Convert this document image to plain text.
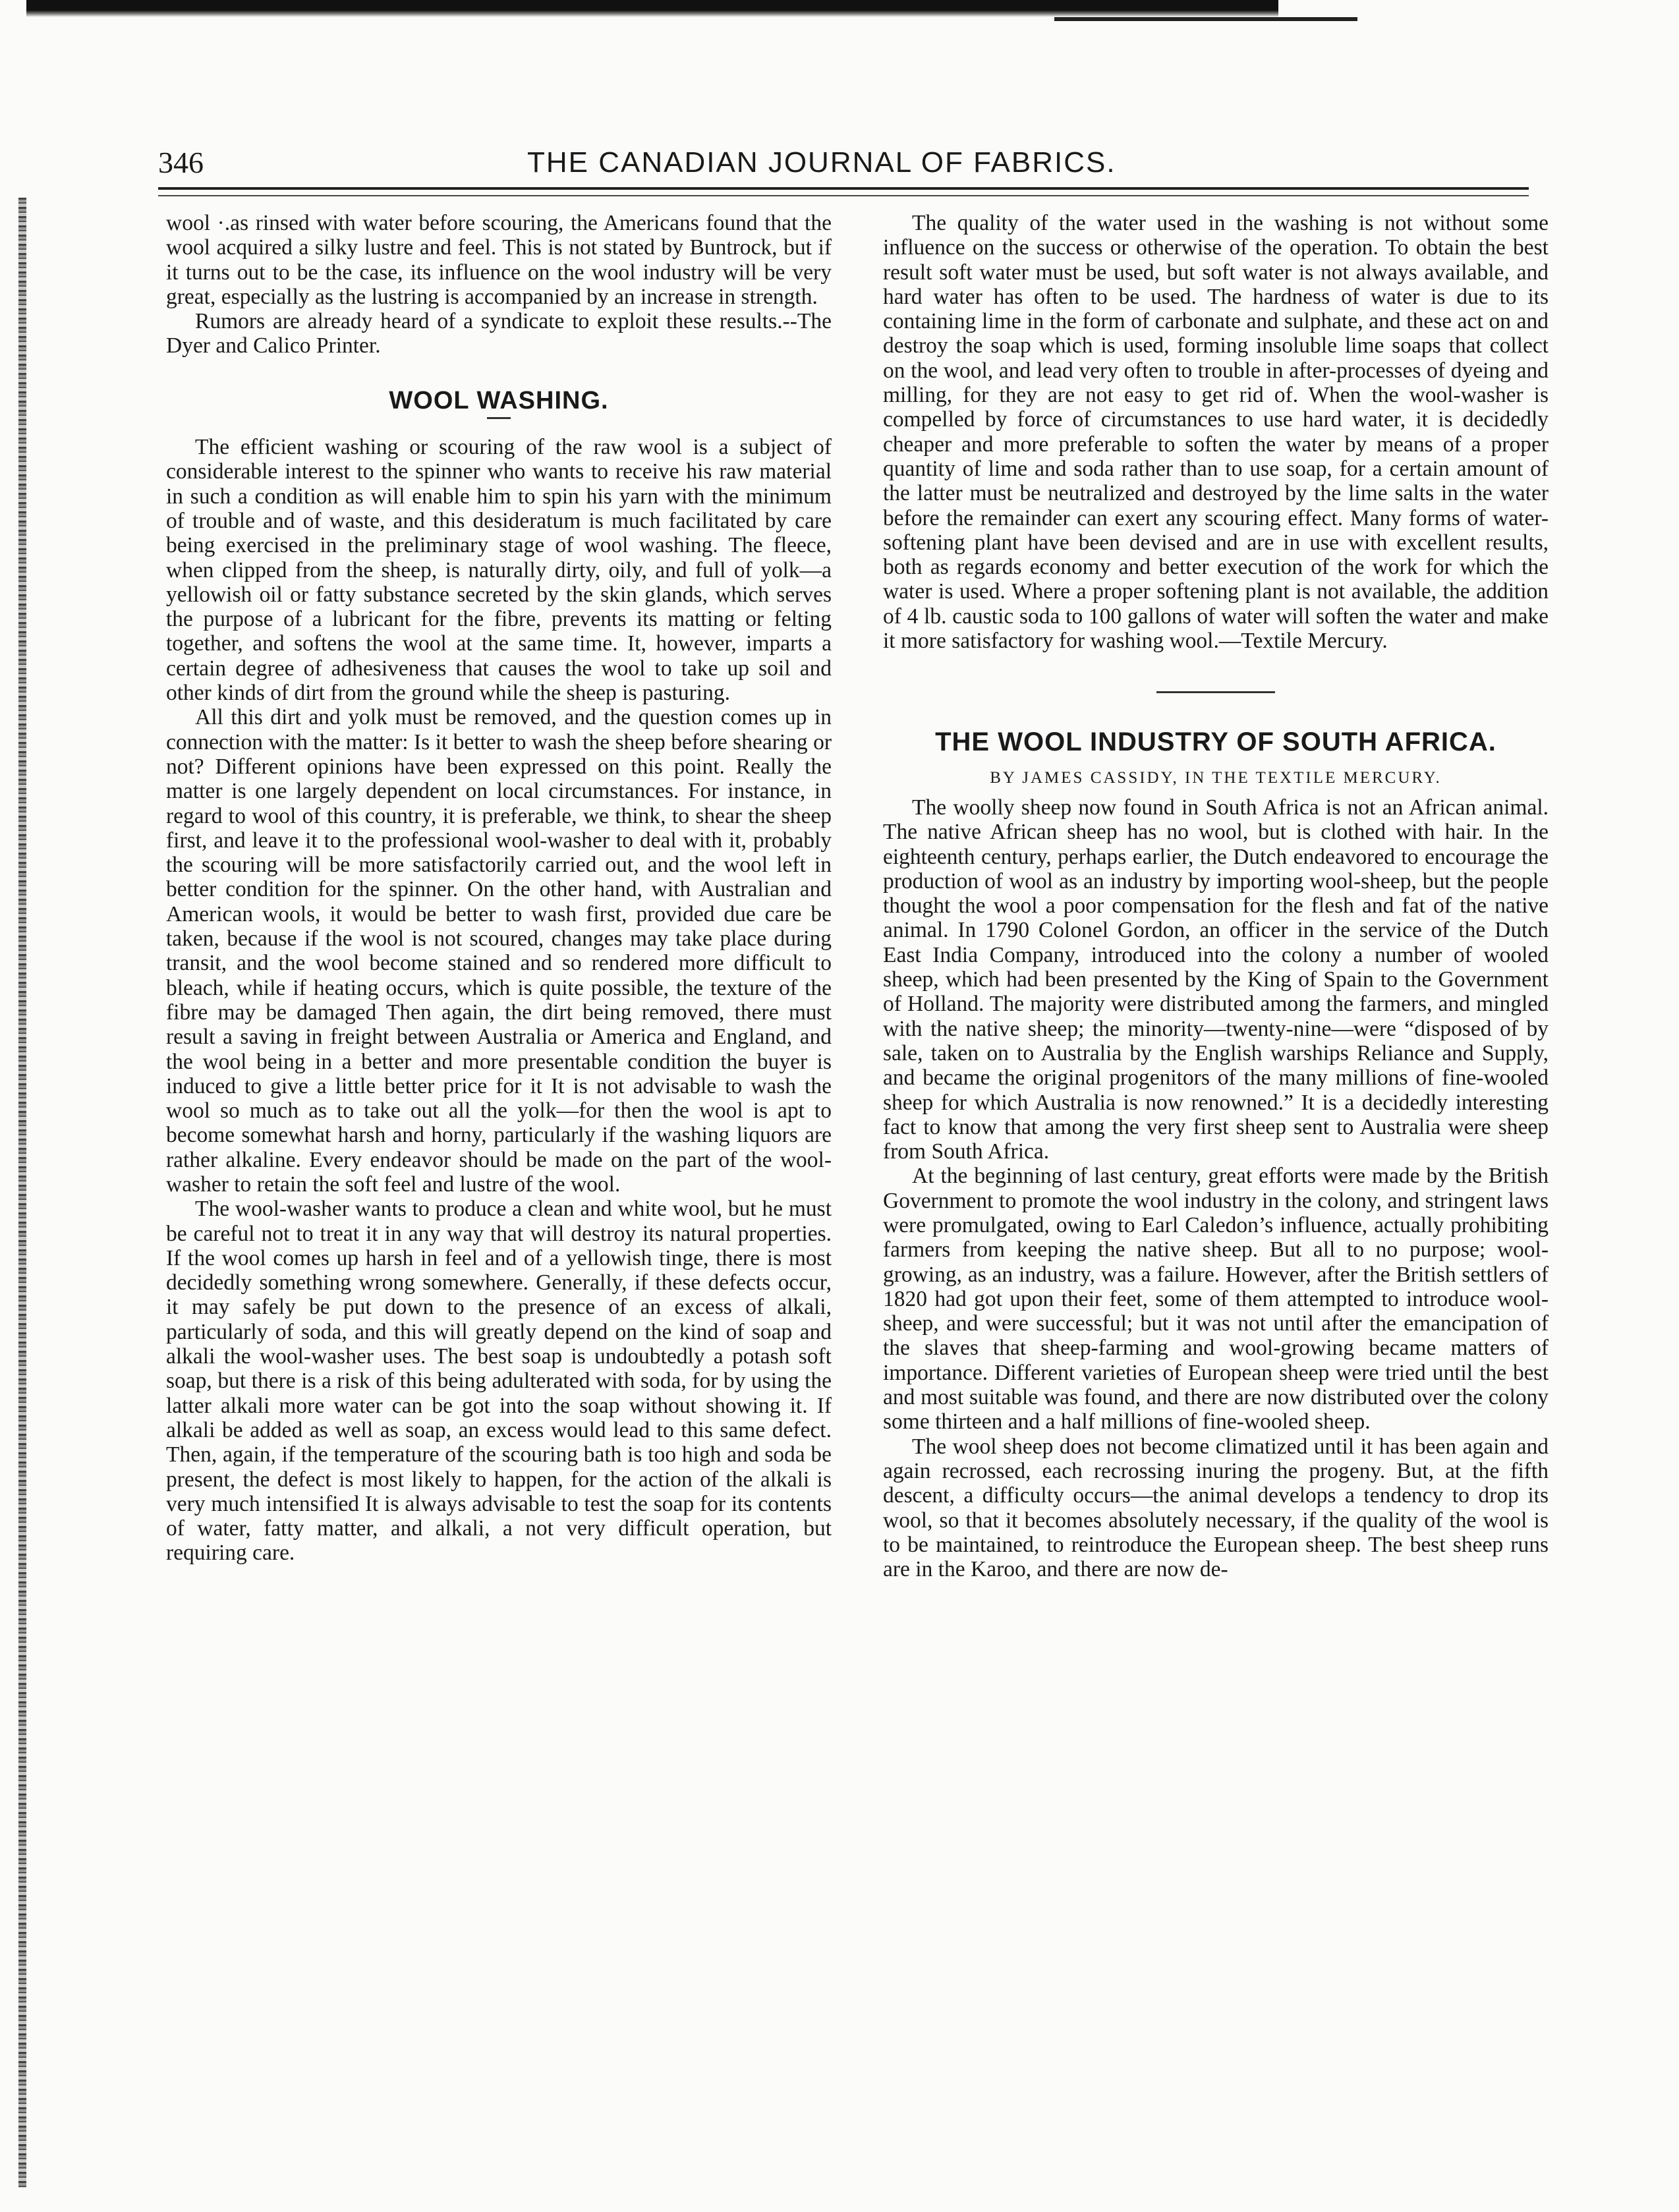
346	THE CANADIAN JOURNAL OF FABRICS.

wool ·.as rinsed with water before scouring, the Americans found that the wool acquired a silky lustre and feel. This is not stated by Buntrock, but if it turns out to be the case, its influence on the wool industry will be very great, especially as the lustring is accompanied by an increase in strength.

Rumors are already heard of a syndicate to exploit these results.--The Dyer and Calico Printer.

WOOL WASHING.

The efficient washing or scouring of the raw wool is a subject of considerable interest to the spinner who wants to receive his raw material in such a condition as will enable him to spin his yarn with the minimum of trouble and of waste, and this desideratum is much facilitated by care being exercised in the preliminary stage of wool washing. The fleece, when clipped from the sheep, is naturally dirty, oily, and full of yolk—a yellowish oil or fatty substance secreted by the skin glands, which serves the purpose of a lubricant for the fibre, prevents its matting or felting together, and softens the wool at the same time. It, however, imparts a certain degree of adhesiveness that causes the wool to take up soil and other kinds of dirt from the ground while the sheep is pasturing.

All this dirt and yolk must be removed, and the question comes up in connection with the matter: Is it better to wash the sheep before shearing or not? Different opinions have been expressed on this point. Really the matter is one largely dependent on local circumstances. For instance, in regard to wool of this country, it is preferable, we think, to shear the sheep first, and leave it to the professional wool-washer to deal with it, probably the scouring will be more satisfactorily carried out, and the wool left in better condition for the spinner. On the other hand, with Australian and American wools, it would be better to wash first, provided due care be taken, because if the wool is not scoured, changes may take place during transit, and the wool become stained and so rendered more difficult to bleach, while if heating occurs, which is quite possible, the texture of the fibre may be damaged Then again, the dirt being removed, there must result a saving in freight between Australia or America and England, and the wool being in a better and more presentable condition the buyer is induced to give a little better price for it It is not advisable to wash the wool so much as to take out all the yolk—for then the wool is apt to become somewhat harsh and horny, particularly if the washing liquors are rather alkaline. Every endeavor should be made on the part of the wool-washer to retain the soft feel and lustre of the wool.

The wool-washer wants to produce a clean and white wool, but he must be careful not to treat it in any way that will destroy its natural properties. If the wool comes up harsh in feel and of a yellowish tinge, there is most decidedly something wrong somewhere. Generally, if these defects occur, it may safely be put down to the presence of an excess of alkali, particularly of soda, and this will greatly depend on the kind of soap and alkali the wool-washer uses. The best soap is undoubtedly a potash soft soap, but there is a risk of this being adulterated with soda, for by using the latter alkali more water can be got into the soap without showing it. If alkali be added as well as soap, an excess would lead to this same defect. Then, again, if the temperature of the scouring bath is too high and soda be present, the defect is most likely to happen, for the action of the alkali is very much intensified It is always advisable to test the soap for its contents of water, fatty matter, and alkali, a not very difficult operation, but requiring care.

The quality of the water used in the washing is not without some influence on the success or otherwise of the operation. To obtain the best result soft water must be used, but soft water is not always available, and hard water has often to be used. The hardness of water is due to its containing lime in the form of carbonate and sulphate, and these act on and destroy the soap which is used, forming insoluble lime soaps that collect on the wool, and lead very often to trouble in after-processes of dyeing and milling, for they are not easy to get rid of. When the wool-washer is compelled by force of circumstances to use hard water, it is decidedly cheaper and more preferable to soften the water by means of a proper quantity of lime and soda rather than to use soap, for a certain amount of the latter must be neutralized and destroyed by the lime salts in the water before the remainder can exert any scouring effect. Many forms of water-softening plant have been devised and are in use with excellent results, both as regards economy and better execution of the work for which the water is used. Where a proper softening plant is not available, the addition of 4 lb. caustic soda to 100 gallons of water will soften the water and make it more satisfactory for washing wool.—Textile Mercury.

THE WOOL INDUSTRY OF SOUTH AFRICA.
BY JAMES CASSIDY, IN THE TEXTILE MERCURY.

The woolly sheep now found in South Africa is not an African animal. The native African sheep has no wool, but is clothed with hair. In the eighteenth century, perhaps earlier, the Dutch endeavored to encourage the production of wool as an industry by importing wool-sheep, but the people thought the wool a poor compensation for the flesh and fat of the native animal. In 1790 Colonel Gordon, an officer in the service of the Dutch East India Company, introduced into the colony a number of wooled sheep, which had been presented by the King of Spain to the Government of Holland. The majority were distributed among the farmers, and mingled with the native sheep; the minority—twenty-nine—were “disposed of by sale, taken on to Australia by the English warships Reliance and Supply, and became the original progenitors of the many millions of fine-wooled sheep for which Australia is now renowned.” It is a decidedly interesting fact to know that among the very first sheep sent to Australia were sheep from South Africa.

At the beginning of last century, great efforts were made by the British Government to promote the wool industry in the colony, and stringent laws were promulgated, owing to Earl Caledon’s influence, actually prohibiting farmers from keeping the native sheep. But all to no purpose; wool-growing, as an industry, was a failure. However, after the British settlers of 1820 had got upon their feet, some of them attempted to introduce wool-sheep, and were successful; but it was not until after the emancipation of the slaves that sheep-farming and wool-growing became matters of importance. Different varieties of European sheep were tried until the best and most suitable was found, and there are now distributed over the colony some thirteen and a half millions of fine-wooled sheep.

The wool sheep does not become climatized until it has been again and again recrossed, each recrossing inuring the progeny. But, at the fifth descent, a difficulty occurs—the animal develops a tendency to drop its wool, so that it becomes absolutely necessary, if the quality of the wool is to be maintained, to reintroduce the European sheep. The best sheep runs are in the Karoo, and there are now de-
